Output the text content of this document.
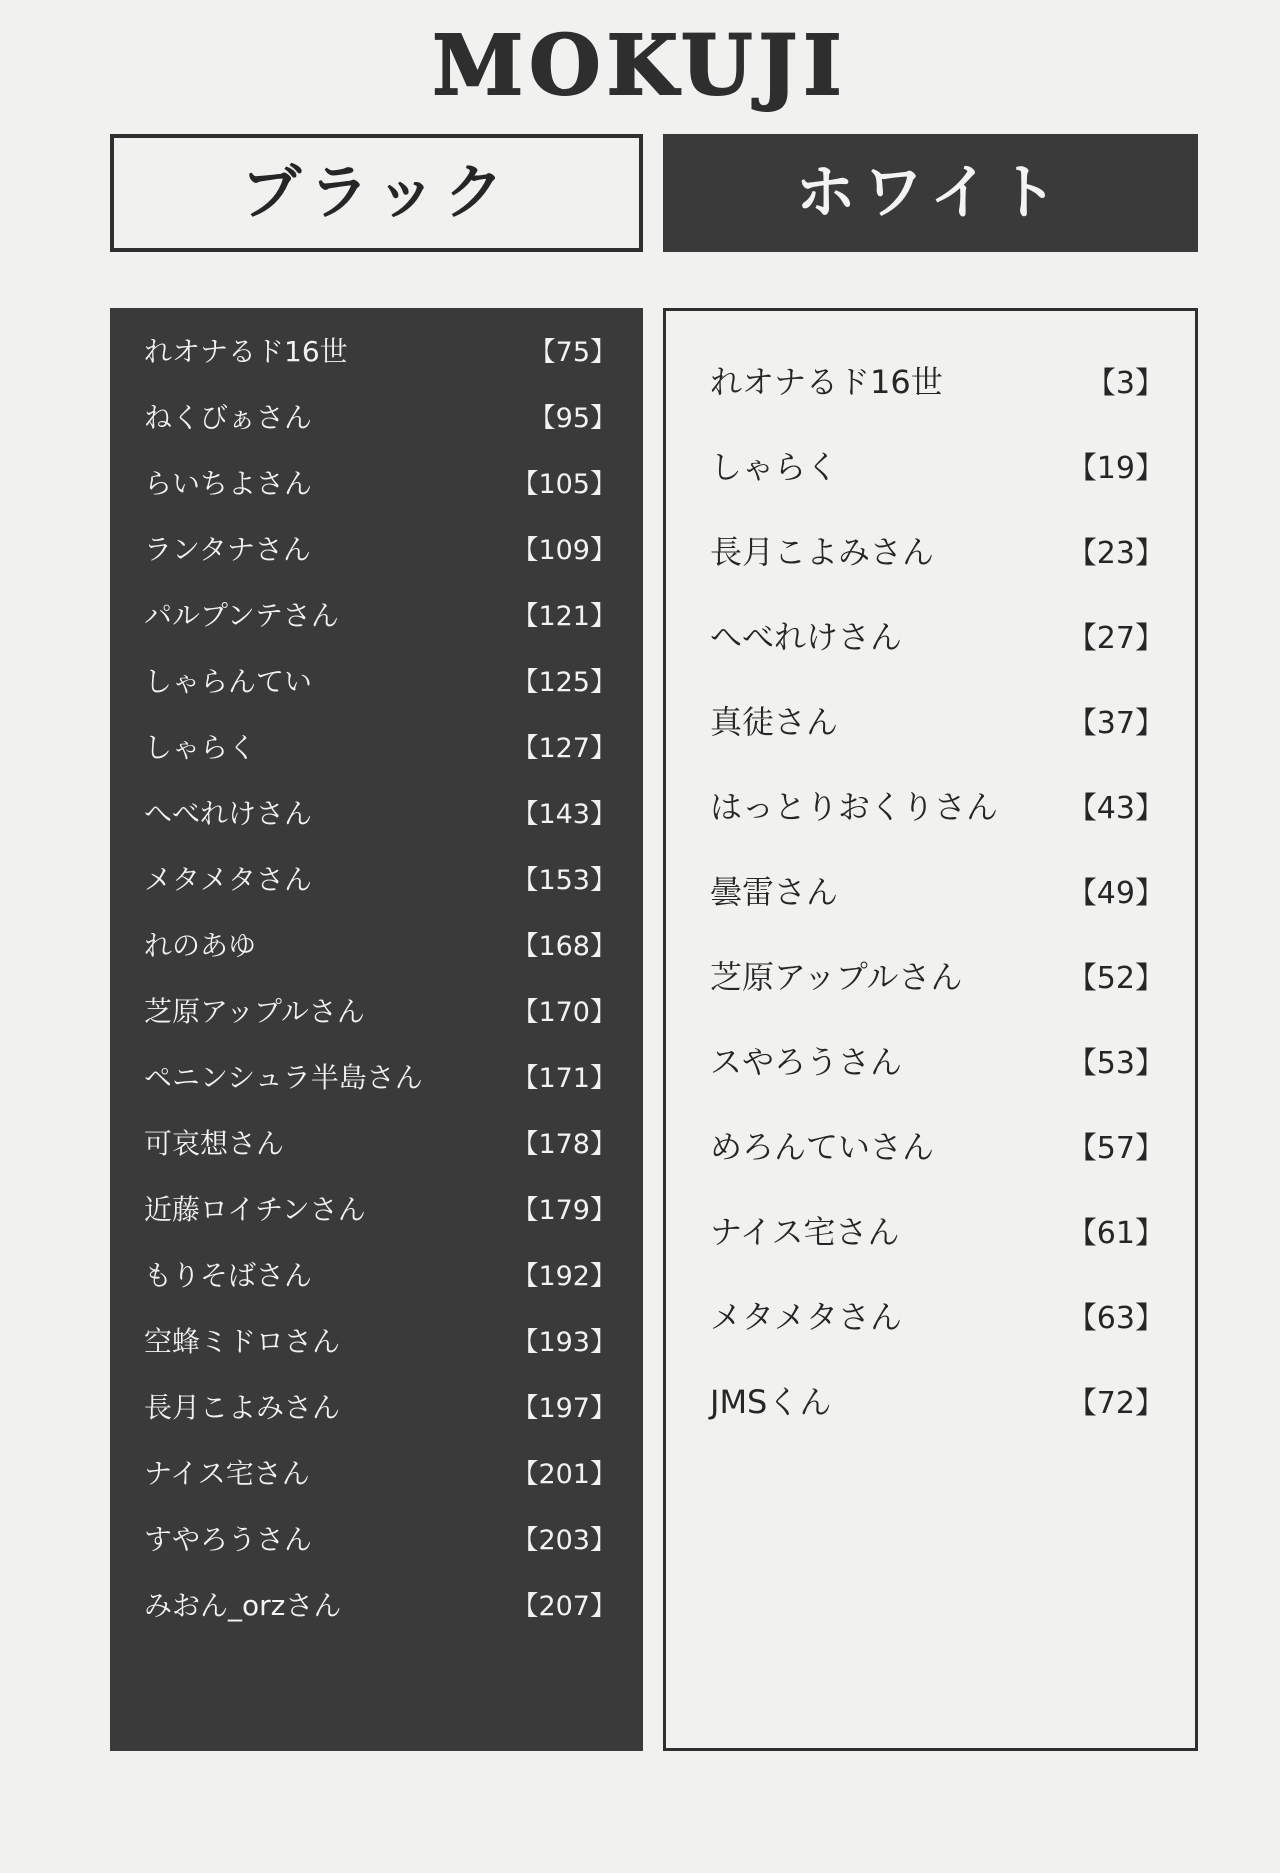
MOKUJI
ブラック	ホワイト
れオナるド16世	【75】
ねくびぁさん	【95】
らいちよさん	【105】
ランタナさん	【109】
パルプンテさん	【121】
しゃらんてい	【125】
しゃらく	【127】
へべれけさん	【143】
メタメタさん	【153】
れのあゆ	【168】
芝原アップルさん	【170】
ペニンシュラ半島さん	【171】
可哀想さん	【178】
近藤ロイチンさん	【179】
もりそばさん	【192】
空蜂ミドロさん	【193】
長月こよみさん	【197】
ナイス宅さん	【201】
すやろうさん	【203】
みおん_orzさん	【207】
れオナるド16世	【3】
しゃらく	【19】
長月こよみさん	【23】
へべれけさん	【27】
真徒さん	【37】
はっとりおくりさん 【43】
曇雷さん	【49】
芝原アップルさん	【52】
スやろうさん	【53】
めろんていさん	【57】
ナイス宅さん	【61】
メタメタさん	【63】
JMSくん	【72】
